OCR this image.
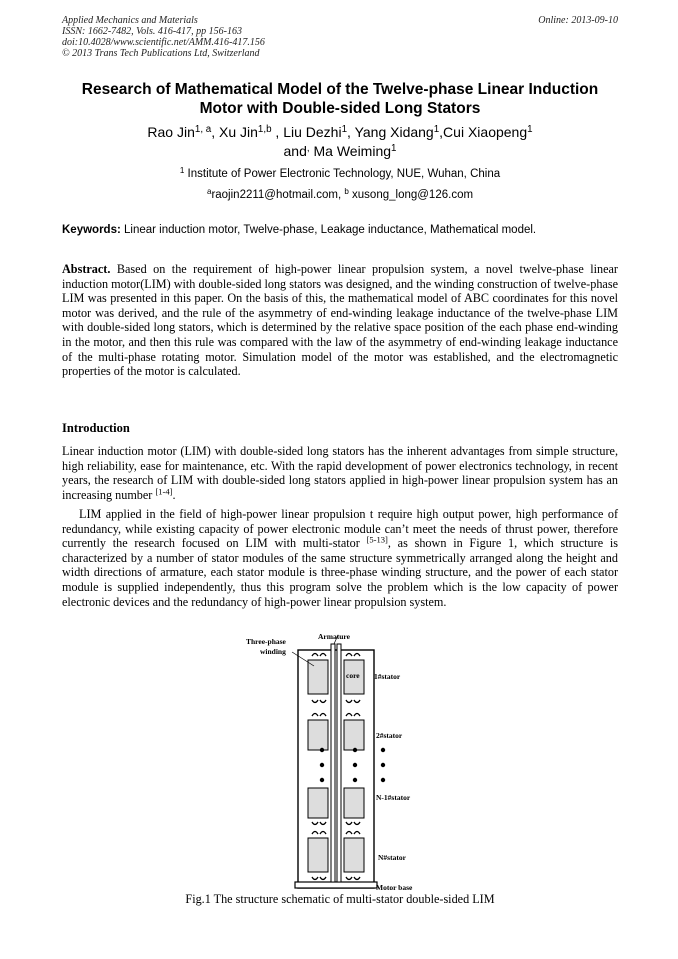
Applied Mechanics and Materials
ISSN: 1662-7482, Vols. 416-417, pp 156-163
doi:10.4028/www.scientific.net/AMM.416-417.156
© 2013 Trans Tech Publications Ltd, Switzerland
Online: 2013-09-10
Research of Mathematical Model of the Twelve-phase Linear Induction
Motor with Double-sided Long Stators
Rao Jin$^{1, a}$, Xu Jin$^{1,b}$ , Liu Dezhi$^1$, Yang Xidang$^1$,Cui Xiaopeng$^1$
and, Ma Weiming$^1$
$^1$ Institute of Power Electronic Technology, NUE, Wuhan, China
$^a$raojin2211@hotmail.com, $^b$ xusong_long@126.com
Keywords: Linear induction motor, Twelve-phase, Leakage inductance, Mathematical model.
Abstract. Based on the requirement of high-power linear propulsion system, a novel twelve-phase linear induction motor(LIM) with double-sided long stators was designed, and the winding construction of twelve-phase LIM was presented in this paper. On the basis of this, the mathematical model of ABC coordinates for this novel motor was derived, and the rule of the asymmetry of end-winding leakage inductance of the twelve-phase LIM with double-sided long stators, which is determined by the relative space position of the each phase end-winding in the motor, and then this rule was compared with the law of the asymmetry of end-winding leakage inductance of the multi-phase rotating motor. Simulation model of the motor was established, and the electromagnetic properties of the motor is calculated.
Introduction
Linear induction motor (LIM) with double-sided long stators has the inherent advantages from simple structure, high reliability, ease for maintenance, etc. With the rapid development of power electronics technology, in recent years, the research of LIM with double-sided long stators applied in high-power linear propulsion system has an increasing number [1-4].
LIM applied in the field of high-power linear propulsion t require high output power, high performance of redundancy, while existing capacity of power electronic module can’t meet the needs of thrust power, therefore currently the research focused on LIM with multi-stator [5-13], as shown in Figure 1, which structure is characterized by a number of stator modules of the same structure symmetrically arranged along the height and width directions of armature, each stator module is three-phase winding structure, and the power of each stator module is supplied independently, thus this program solve the problem which is the low capacity of power electronic devices and the redundancy of high-power linear propulsion system.
Three-phase
winding
Armature
core 1#stator
2#stator
N-1#stator
N#stator
Motor base
Fig.1 The structure schematic of multi-stator double-sided LIM
